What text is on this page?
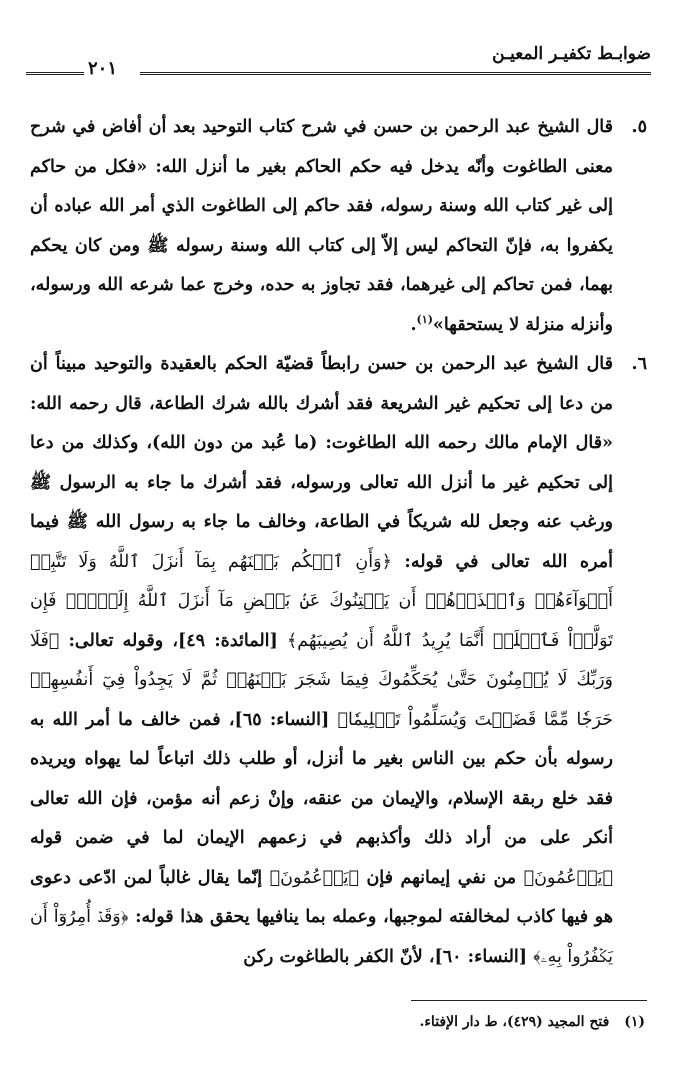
ضوابـط تكفيـر المعيـن
٢٠١

٥.
قال الشيخ عبد الرحمن بن حسن في شرح كتاب التوحيد بعد أن أفاض في شرح معنى الطاغوت وأنّه يدخل فيه حكم الحاكم بغير ما أنزل الله: «فكل من حاكم إلى غير كتاب الله وسنة رسوله، فقد حاكم إلى الطاغوت الذي أمر الله عباده أن يكفروا به، فإنّ التحاكم ليس إلاّ إلى كتاب الله وسنة رسوله ﷺ ومن كان يحكم بهما، فمن تحاكم إلى غيرهما، فقد تجاوز به حده، وخرج عما شرعه الله ورسوله، وأنزله منزلة لا يستحقها»$^{(١)}$.

٦.
قال الشيخ عبد الرحمن بن حسن رابطاً قضيّة الحكم بالعقيدة والتوحيد مبيناً أن من دعا إلى تحكيم غير الشريعة فقد أشرك بالله شرك الطاعة، قال رحمه الله: «قال الإمام مالك رحمه الله الطاغوت: (ما عُبد من دون الله)، وكذلك من دعا إلى تحكيم غير ما أنزل الله تعالى ورسوله، فقد أشرك ما جاء به الرسول ﷺ ورغب عنه وجعل لله شريكاً في الطاعة، وخالف ما جاء به رسول الله ﷺ فيما أمره الله تعالى في قوله: ﴿وَأَنِ ٱحۡكُم بَيۡنَهُم بِمَآ أَنزَلَ ٱللَّهُ وَلَا تَتَّبِعۡ أَهۡوَآءَهُمۡ وَٱحۡذَرۡهُمۡ أَن يَفۡتِنُوكَ عَنۢ بَعۡضِ مَآ أَنزَلَ ٱللَّهُ إِلَيۡكَۖ فَإِن تَوَلَّوۡاْ فَٱعۡلَمۡ أَنَّمَا يُرِيدُ ٱللَّهُ أَن يُصِيبَهُم﴾ [المائدة: ٤٩]، وقوله تعالى: ﴿فَلَا وَرَبِّكَ لَا يُؤۡمِنُونَ حَتَّىٰ يُحَكِّمُوكَ فِيمَا شَجَرَ بَيۡنَهُمۡ ثُمَّ لَا يَجِدُواْ فِيٓ أَنفُسِهِمۡ حَرَجٗا مِّمَّا قَضَيۡتَ وَيُسَلِّمُواْ تَسۡلِيمٗا﴾ [النساء: ٦٥]، فمن خالف ما أمر الله به رسوله بأن حكم بين الناس بغير ما أنزل، أو طلب ذلك اتباعاً لما يهواه ويريده فقد خلع ربقة الإسلام، والإيمان من عنقه، وإنْ زعم أنه مؤمن، فإن الله تعالى أنكر على من أراد ذلك وأكذبهم في زعمهم الإيمان لما في ضمن قوله ﴿يَزۡعُمُونَ﴾ من نفي إيمانهم فإن ﴿يَزۡعُمُونَ﴾ إنّما يقال غالباً لمن ادّعى دعوى هو فيها كاذب لمخالفته لموجبها، وعمله بما ينافيها يحقق هذا قوله: ﴿وَقَدۡ أُمِرُوٓاْ أَن يَكۡفُرُواْ بِهِۦ﴾ [النساء: ٦٠]، لأنّ الكفر بالطاغوت ركن

(١) فتح المجيد (٤٢٩)، ط دار الإفتاء.
